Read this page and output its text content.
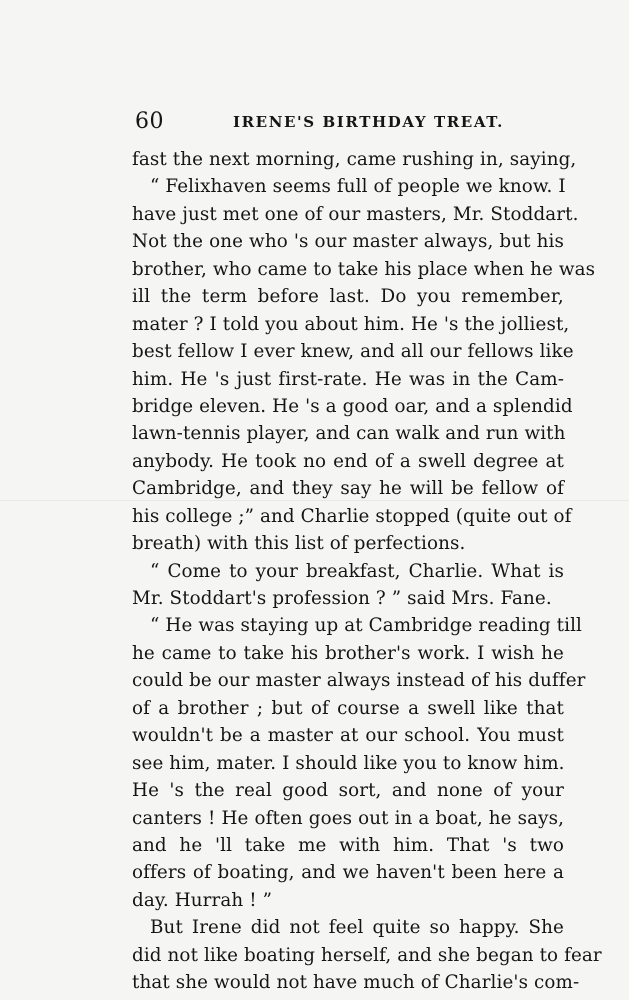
60	IRENE'S BIRTHDAY TREAT.
fast the next morning, came rushing in, saying,
“ Felixhaven seems full of people we know. I
have just met one of our masters, Mr. Stoddart.
Not the one who 's our master always, but his
brother, who came to take his place when he was
ill the term before last. Do you remember,
mater ? I told you about him. He 's the jolliest,
best fellow I ever knew, and all our fellows like
him. He 's just first-rate. He was in the Cam-
bridge eleven. He 's a good oar, and a splendid
lawn-tennis player, and can walk and run with
anybody. He took no end of a swell degree at
Cambridge, and they say he will be fellow of
his college ;” and Charlie stopped (quite out of
breath) with this list of perfections.
“ Come to your breakfast, Charlie. What is
Mr. Stoddart's profession ? ” said Mrs. Fane.
“ He was staying up at Cambridge reading till
he came to take his brother's work. I wish he
could be our master always instead of his duffer
of a brother ; but of course a swell like that
wouldn't be a master at our school. You must
see him, mater. I should like you to know him.
He 's the real good sort, and none of your
canters ! He often goes out in a boat, he says,
and he 'll take me with him. That 's two
offers of boating, and we haven't been here a
day. Hurrah ! ”
But Irene did not feel quite so happy. She
did not like boating herself, and she began to fear
that she would not have much of Charlie's com-
